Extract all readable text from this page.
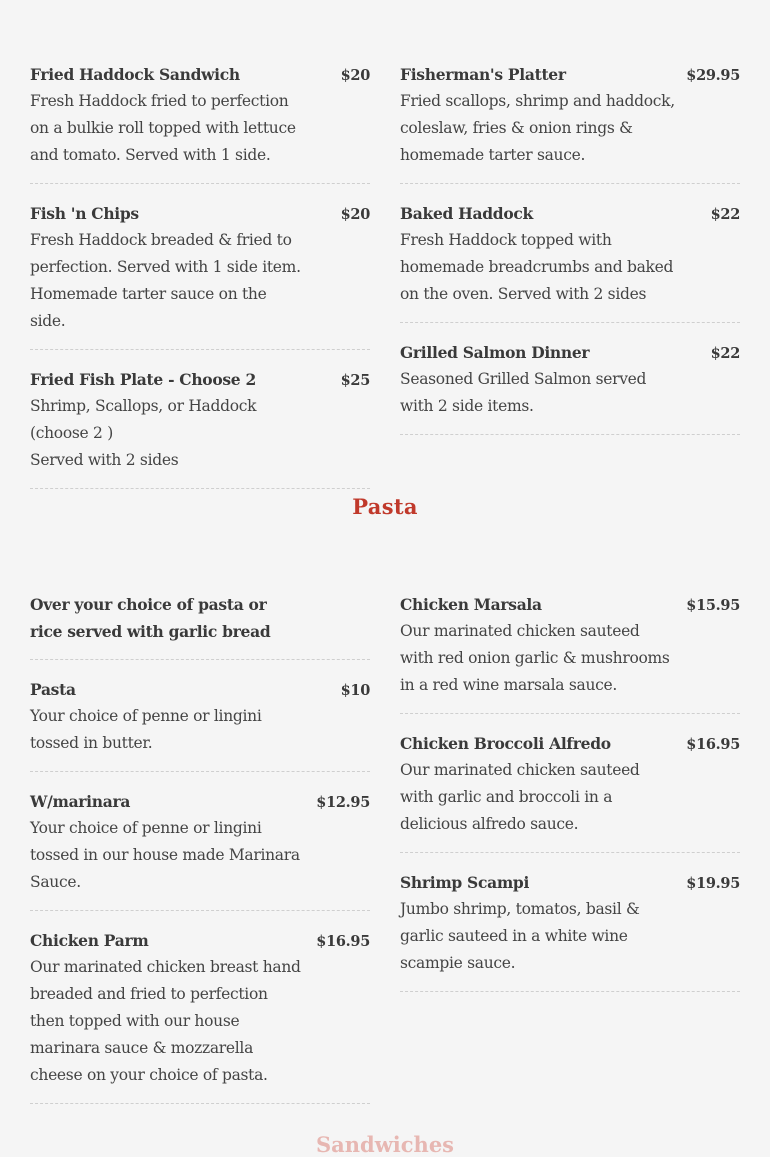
Fried Haddock Sandwich	$20
Fresh Haddock fried to perfection on a bulkie roll topped with lettuce and tomato. Served with 1 side.
Fish 'n Chips	$20
Fresh Haddock breaded & fried to perfection. Served with 1 side item. Homemade tarter sauce on the side.
Fried Fish Plate - Choose 2	$25
Shrimp, Scallops, or Haddock
(choose 2 )
Served with 2 sides
Fisherman's Platter	$29.95
Fried scallops, shrimp and haddock, coleslaw, fries & onion rings & homemade tarter sauce.
Baked Haddock	$22
Fresh Haddock topped with homemade breadcrumbs and baked on the oven. Served with 2 sides
Grilled Salmon Dinner	$22
Seasoned Grilled Salmon served with 2 side items.
Pasta
Over your choice of pasta or rice served with garlic bread
Pasta	$10
Your choice of penne or lingini tossed in butter.
W/marinara	$12.95
Your choice of penne or lingini tossed in our house made Marinara Sauce.
Chicken Parm	$16.95
Our marinated chicken breast hand breaded and fried to perfection then topped with our house marinara sauce & mozzarella cheese on your choice of pasta.
Chicken Marsala	$15.95
Our marinated chicken sauteed with red onion garlic & mushrooms in a red wine marsala sauce.
Chicken Broccoli Alfredo	$16.95
Our marinated chicken sauteed with garlic and broccoli in a delicious alfredo sauce.
Shrimp Scampi	$19.95
Jumbo shrimp, tomatos, basil & garlic sauteed in a white wine scampie sauce.
Sandwiches
